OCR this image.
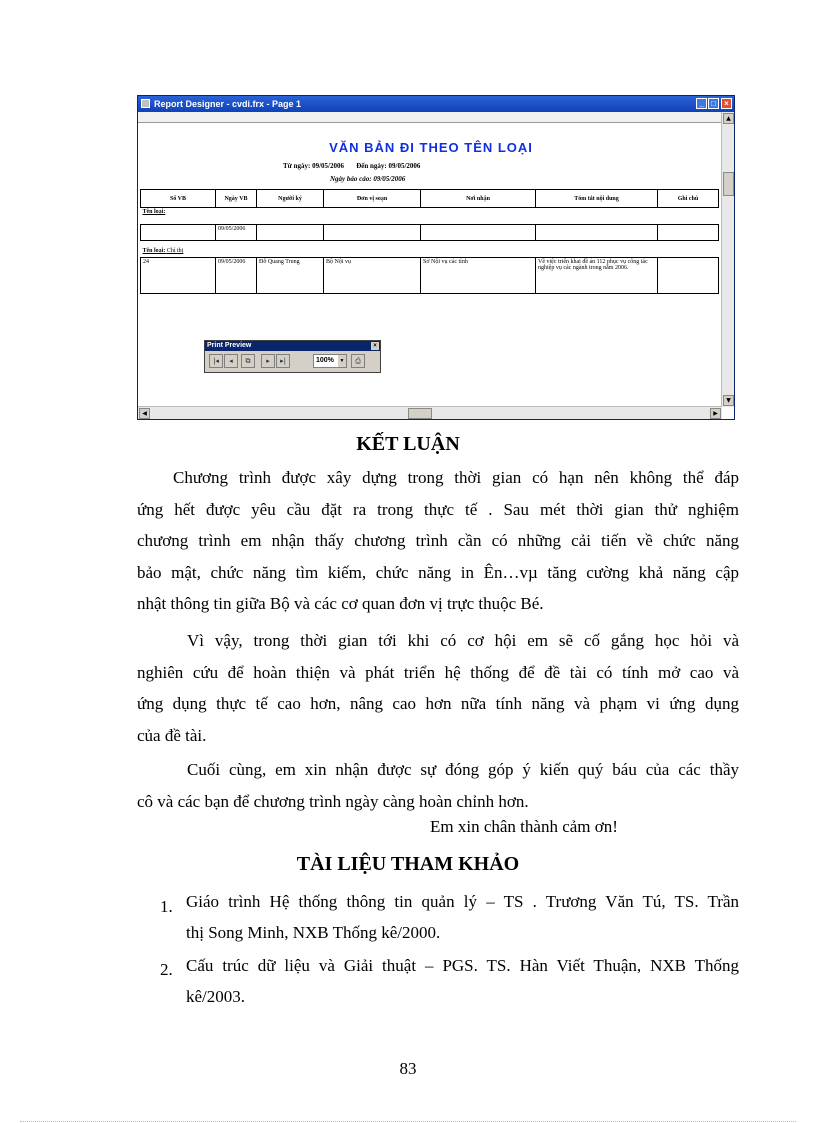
Report Designer - cvdi.frx - Page 1	_ □	×
▲
▼
◀	▶
VĂN BẢN ĐI THEO TÊN LOẠI
Từ ngày: 09/05/2006 Đến ngày: 09/05/2006
Ngày báo cáo: 09/05/2006
Số VB	Ngày VB	Người ký	Đơn vị soạn	Nơi nhận	Tóm tắt nội dung	Ghi chú
Tên loại:						

	09/05/2006					

Tên loại: Chỉ thị						
24	09/05/2006	Đỗ Quang Trung	Bộ Nội vụ	Sở Nội vụ các tỉnh	Về việc triển khai đề án 112 phục vụ công tác nghiệp vụ các ngành trong năm 2006.	
Print Preview	×
|◂	◂	⧉	▸	▸|	100%	▼	⎙
KẾT LUẬN
Chương trình được xây dựng trong thời gian có hạn nên không thể đáp
ứng hết được yêu cầu đặt ra trong thực tế . Sau mét thời gian thử nghiệm
chương trình em nhận thấy chương trình cần có những cải tiến về chức năng
bảo mật, chức năng tìm kiếm, chức năng in Ên…vµ tăng cường khả năng cập
nhật thông tin giữa Bộ và các cơ quan đơn vị trực thuộc Bé.
Vì vậy, trong thời gian tới khi có cơ hội em sẽ cố gắng học hỏi và
nghiên cứu để hoàn thiện và phát triển hệ thống để đề tài có tính mở cao và
ứng dụng thực tế cao hơn, nâng cao hơn nữa tính năng và phạm vi ứng dụng
của đề tài.
Cuối cùng, em xin nhận được sự đóng góp ý kiến quý báu của các thầy
cô và các bạn để chương trình ngày càng hoàn chỉnh hơn.
Em xin chân thành cảm ơn!
TÀI LIỆU THAM KHẢO
1. Giáo trình Hệ thống thông tin quản lý – TS . Trương Văn Tú, TS. Trần
thị Song Minh, NXB Thống kê/2000.
2. Cấu trúc dữ liệu và Giải thuật – PGS. TS. Hàn Viết Thuận, NXB Thống
kê/2003.
83
